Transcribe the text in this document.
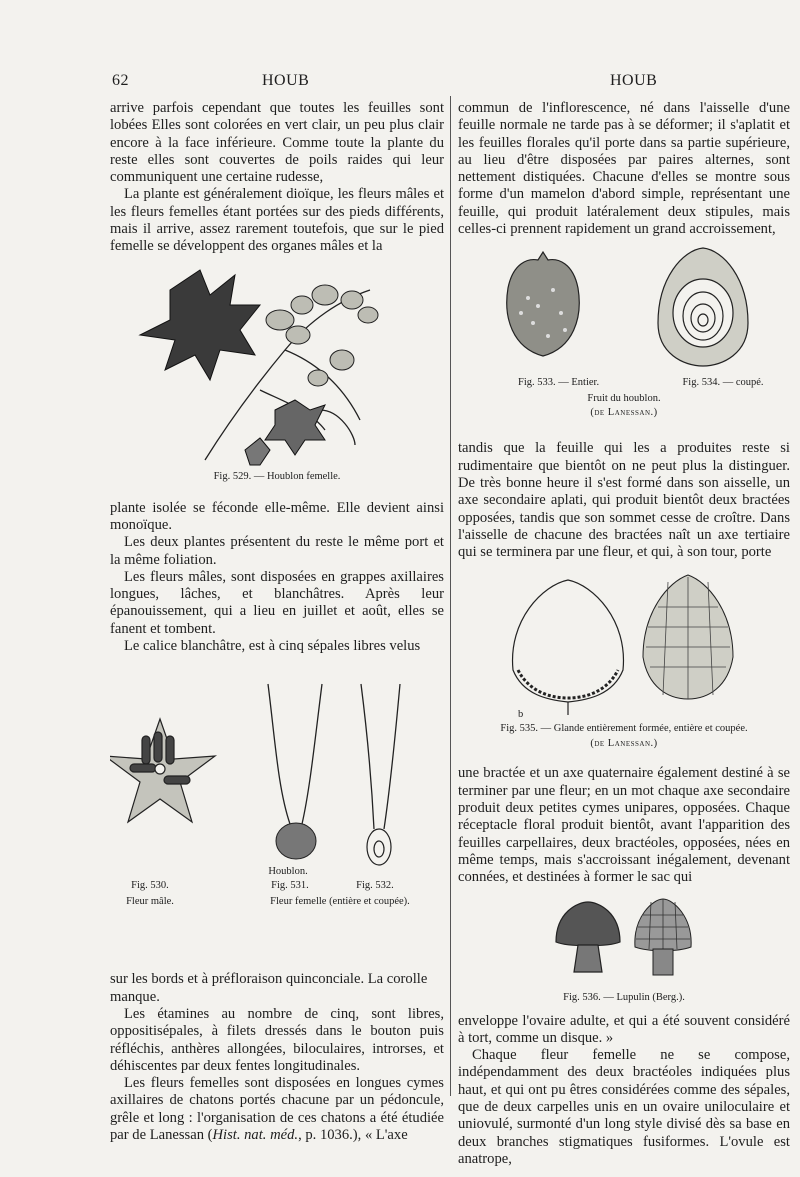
62	HOUB	HOUB

arrive parfois cependant que toutes les feuilles sont lobées Elles sont colorées en vert clair, un peu plus clair encore à la face inférieure. Comme toute la plante du reste elles sont couvertes de poils raides qui leur communiquent une certaine rudesse,

La plante est généralement dioïque, les fleurs mâles et les fleurs femelles étant portées sur des pieds différents, mais il arrive, assez rarement toutefois, que sur le pied femelle se développent des organes mâles et la

Fig. 529. — Houblon femelle.

plante isolée se féconde elle-même. Elle devient ainsi monoïque.

Les deux plantes présentent du reste le même port et la même foliation.

Les fleurs mâles, sont disposées en grappes axillaires longues, lâches, et blanchâtres. Après leur épanouissement, qui a lieu en juillet et août, elles se fanent et tombent.

Le calice blanchâtre, est à cinq sépales libres velus

Houblon.
Fig. 530.
Fleur mâle.
Fig. 531.	Fig. 532.
Fleur femelle (entière et coupée).

sur les bords et à préfloraison quinconciale. La corolle manque.

Les étamines au nombre de cinq, sont libres, oppositisépales, à filets dressés dans le bouton puis réfléchis, anthères allongées, biloculaires, introrses, et déhiscentes par deux fentes longitudinales.

Les fleurs femelles sont disposées en longues cymes axillaires de chatons portés chacune par un pédoncule, grêle et long : l'organisation de ces chatons a été étudiée par de Lanessan (Hist. nat. méd., p. 1036.), « L'axe

commun de l'inflorescence, né dans l'aisselle d'une feuille normale ne tarde pas à se déformer; il s'aplatit et les feuilles florales qu'il porte dans sa partie supérieure, au lieu d'être disposées par paires alternes, sont nettement distiquées. Chacune d'elles se montre sous forme d'un mamelon d'abord simple, représentant une feuille, qui produit latéralement deux stipules, mais celles-ci prennent rapidement un grand accroissement,

Fig. 533. — Entier.	Fig. 534. — coupé.
Fruit du houblon.
(de Lanessan.)

tandis que la feuille qui les a produites reste si rudimentaire que bientôt on ne peut plus la distinguer. De très bonne heure il s'est formé dans son aisselle, un axe secondaire aplati, qui produit bientôt deux bractées opposées, tandis que son sommet cesse de croître. Dans l'aisselle de chacune des bractées naît un axe tertiaire qui se terminera par une fleur, et qui, à son tour, porte

b
Fig. 535. — Glande entièrement formée, entière et coupée.
(de Lanessan.)

une bractée et un axe quaternaire également destiné à se terminer par une fleur; en un mot chaque axe secondaire produit deux petites cymes unipares, opposées. Chaque réceptacle floral produit bientôt, avant l'apparition des feuilles carpellaires, deux bractéoles, opposées, nées en même temps, mais s'accroissant inégalement, devenant connées, et destinées à former le sac qui

Fig. 536. — Lupulin (Berg.).

enveloppe l'ovaire adulte, et qui a été souvent considéré à tort, comme un disque. »

Chaque fleur femelle ne se compose, indépendamment des deux bractéoles indiquées plus haut, et qui ont pu êtres considérées comme des sépales, que de deux carpelles unis en un ovaire uniloculaire et uniovulé, surmonté d'un long style divisé dès sa base en deux branches stigmatiques fusiformes. L'ovule est anatrope,
